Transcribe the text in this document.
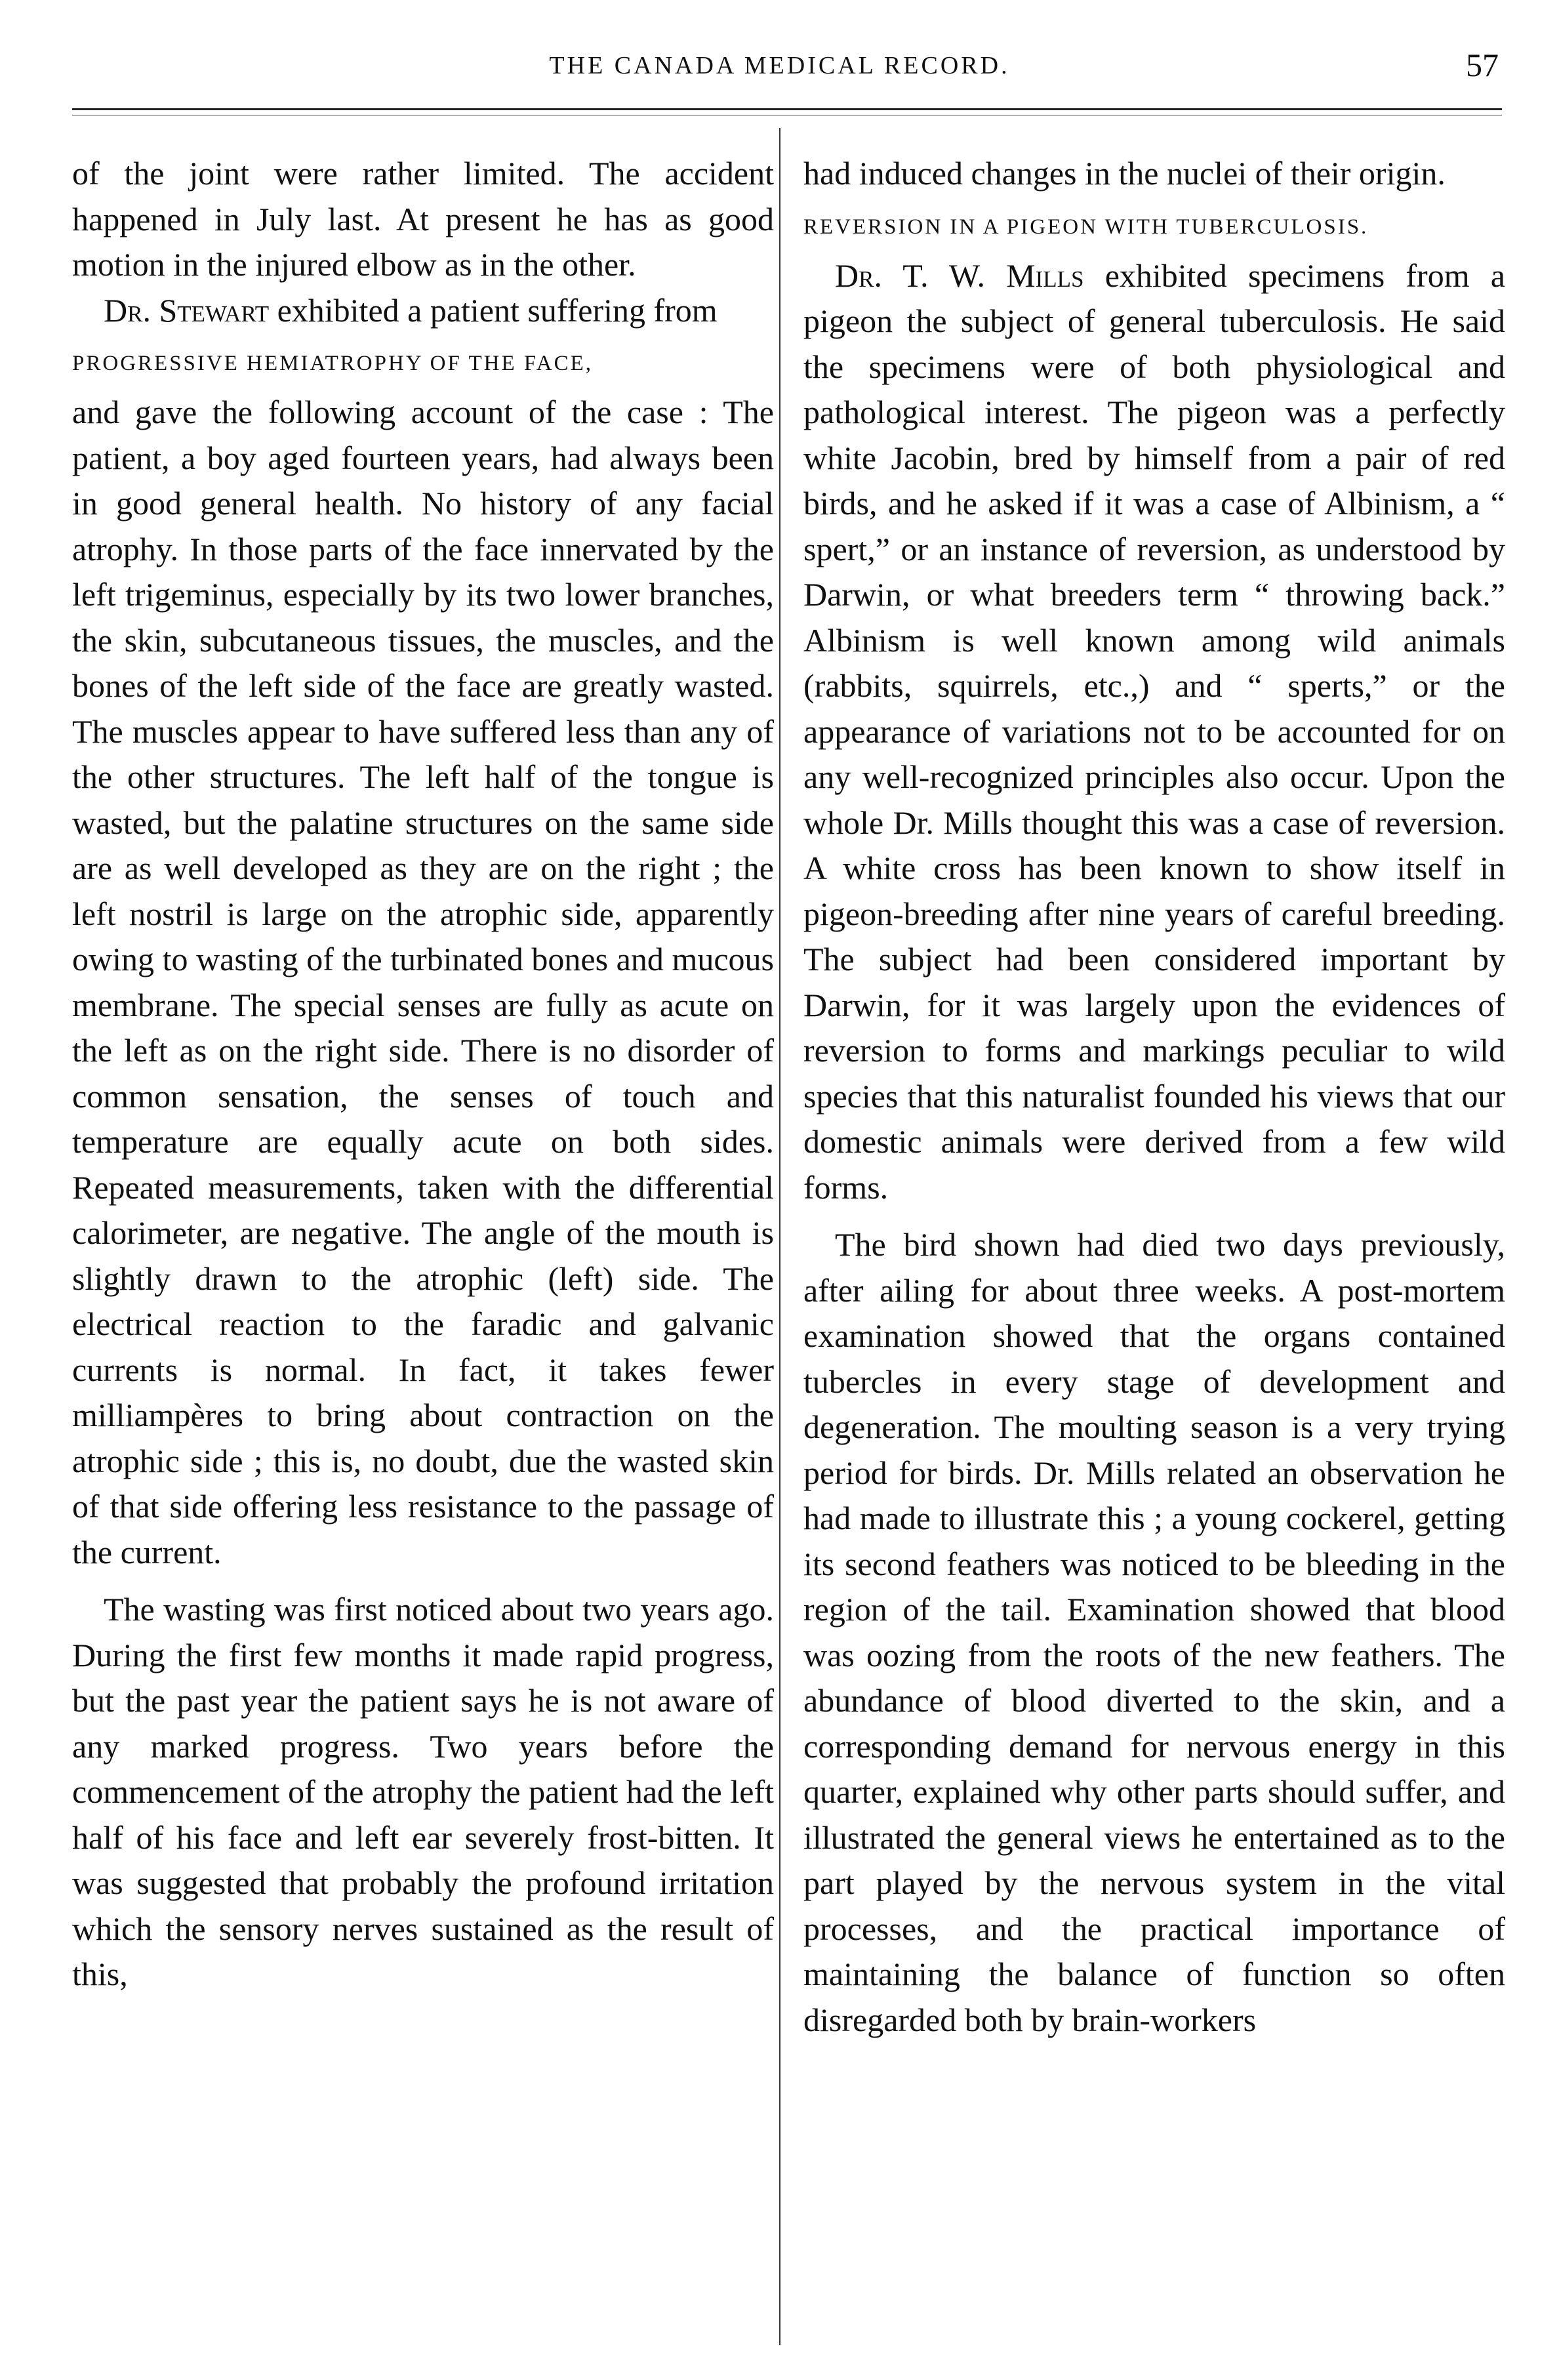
THE CANADA MEDICAL RECORD.	57

of the joint were rather limited. The accident happened in July last. At present he has as good motion in the injured elbow as in the other.

Dr. Stewart exhibited a patient suffering from

PROGRESSIVE HEMIATROPHY OF THE FACE,

and gave the following account of the case : The patient, a boy aged fourteen years, had always been in good general health. No history of any facial atrophy. In those parts of the face innervated by the left trigeminus, especially by its two lower branches, the skin, subcutaneous tissues, the muscles, and the bones of the left side of the face are greatly wasted. The muscles appear to have suffered less than any of the other structures. The left half of the tongue is wasted, but the palatine structures on the same side are as well developed as they are on the right ; the left nostril is large on the atrophic side, apparently owing to wasting of the turbinated bones and mucous membrane. The special senses are fully as acute on the left as on the right side. There is no disorder of common sensation, the senses of touch and temperature are equally acute on both sides. Repeated measurements, taken with the differential calorimeter, are negative. The angle of the mouth is slightly drawn to the atrophic (left) side. The electrical reaction to the faradic and galvanic currents is normal. In fact, it takes fewer milliampères to bring about contraction on the atrophic side ; this is, no doubt, due the wasted skin of that side offering less resistance to the passage of the current.

The wasting was first noticed about two years ago. During the first few months it made rapid progress, but the past year the patient says he is not aware of any marked progress. Two years before the commencement of the atrophy the patient had the left half of his face and left ear severely frost-bitten. It was suggested that probably the profound irritation which the sensory nerves sustained as the result of this,

had induced changes in the nuclei of their origin.

REVERSION IN A PIGEON WITH TUBERCULOSIS.

Dr. T. W. Mills exhibited specimens from a pigeon the subject of general tuberculosis. He said the specimens were of both physiological and pathological interest. The pigeon was a perfectly white Jacobin, bred by himself from a pair of red birds, and he asked if it was a case of Albinism, a “ spert,” or an instance of reversion, as understood by Darwin, or what breeders term “ throwing back.” Albinism is well known among wild animals (rabbits, squirrels, etc.,) and “ sperts,” or the appearance of variations not to be accounted for on any well-recognized principles also occur. Upon the whole Dr. Mills thought this was a case of reversion. A white cross has been known to show itself in pigeon-breeding after nine years of careful breeding. The subject had been considered important by Darwin, for it was largely upon the evidences of reversion to forms and markings peculiar to wild species that this naturalist founded his views that our domestic animals were derived from a few wild forms.

The bird shown had died two days previously, after ailing for about three weeks. A post-mortem examination showed that the organs contained tubercles in every stage of development and degeneration. The moulting season is a very trying period for birds. Dr. Mills related an observation he had made to illustrate this ; a young cockerel, getting its second feathers was noticed to be bleeding in the region of the tail. Examination showed that blood was oozing from the roots of the new feathers. The abundance of blood diverted to the skin, and a corresponding demand for nervous energy in this quarter, explained why other parts should suffer, and illustrated the general views he entertained as to the part played by the nervous system in the vital processes, and the practical importance of maintaining the balance of function so often disregarded both by brain-workers
